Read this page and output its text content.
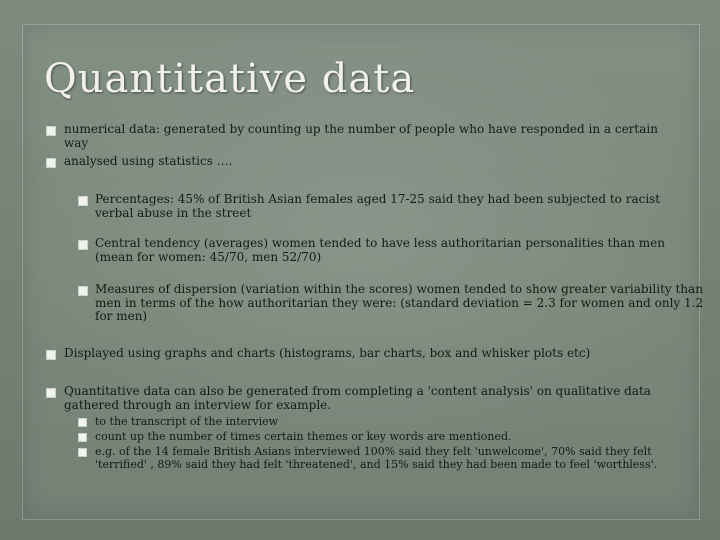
Quantitative data
numerical data: generated by counting up the number of people who have responded in a certain way
analysed using statistics ….
Percentages: 45% of British Asian females aged 17-25 said they had been subjected to racist verbal abuse in the street
Central tendency (averages) women tended to have less authoritarian personalities than men (mean for women: 45/70, men 52/70)
Measures of dispersion (variation within the scores) women tended to show greater variability than men in terms of the how authoritarian they were: (standard deviation = 2.3 for women and only 1.2 for men)
Displayed using graphs and charts (histograms, bar charts, box and whisker plots etc)
Quantitative data can also be generated from completing a 'content analysis' on qualitative data gathered through an interview for example.
to the transcript of the interview
count up the number of times certain themes or key words are mentioned.
e.g. of the 14 female British Asians interviewed 100% said they felt 'unwelcome', 70% said they felt 'terrified' , 89% said they had felt 'threatened', and 15% said they had been made to feel 'worthless'.
